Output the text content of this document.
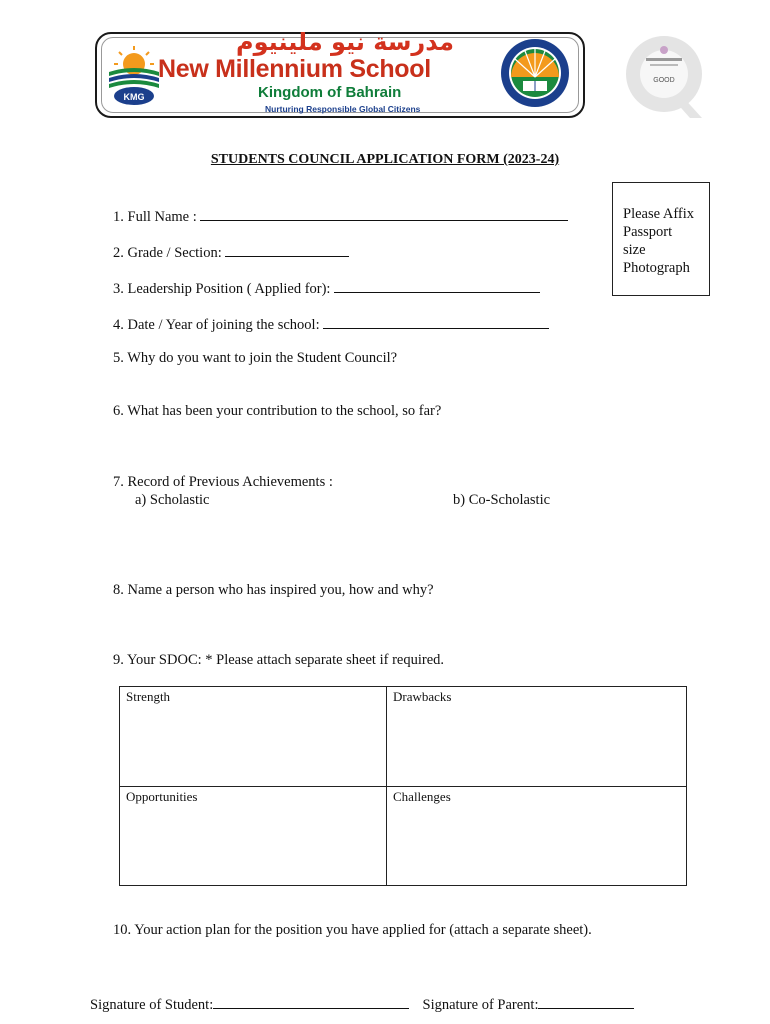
KMG
مدرسة نيو ملينيوم
New Millennium School
Kingdom of Bahrain
Nurturing Responsible Global Citizens
GOOD
STUDENTS COUNCIL APPLICATION FORM (2023-24)
Please Affix
Passport
size
Photograph
1. Full Name :
2. Grade / Section:
3. Leadership Position ( Applied for):
4. Date / Year of joining the school:
5. Why do you want to join the Student Council?
6. What has been your contribution to the school, so far?
7. Record of Previous Achievements :
a) Scholastic	b) Co-Scholastic
8. Name a person who has inspired you, how and why?
9. Your SDOC: * Please attach separate sheet if required.
Strength	Drawbacks
Opportunities	Challenges
10. Your action plan for the position you have applied for (attach a separate sheet).
Signature of Student:	Signature of Parent:
